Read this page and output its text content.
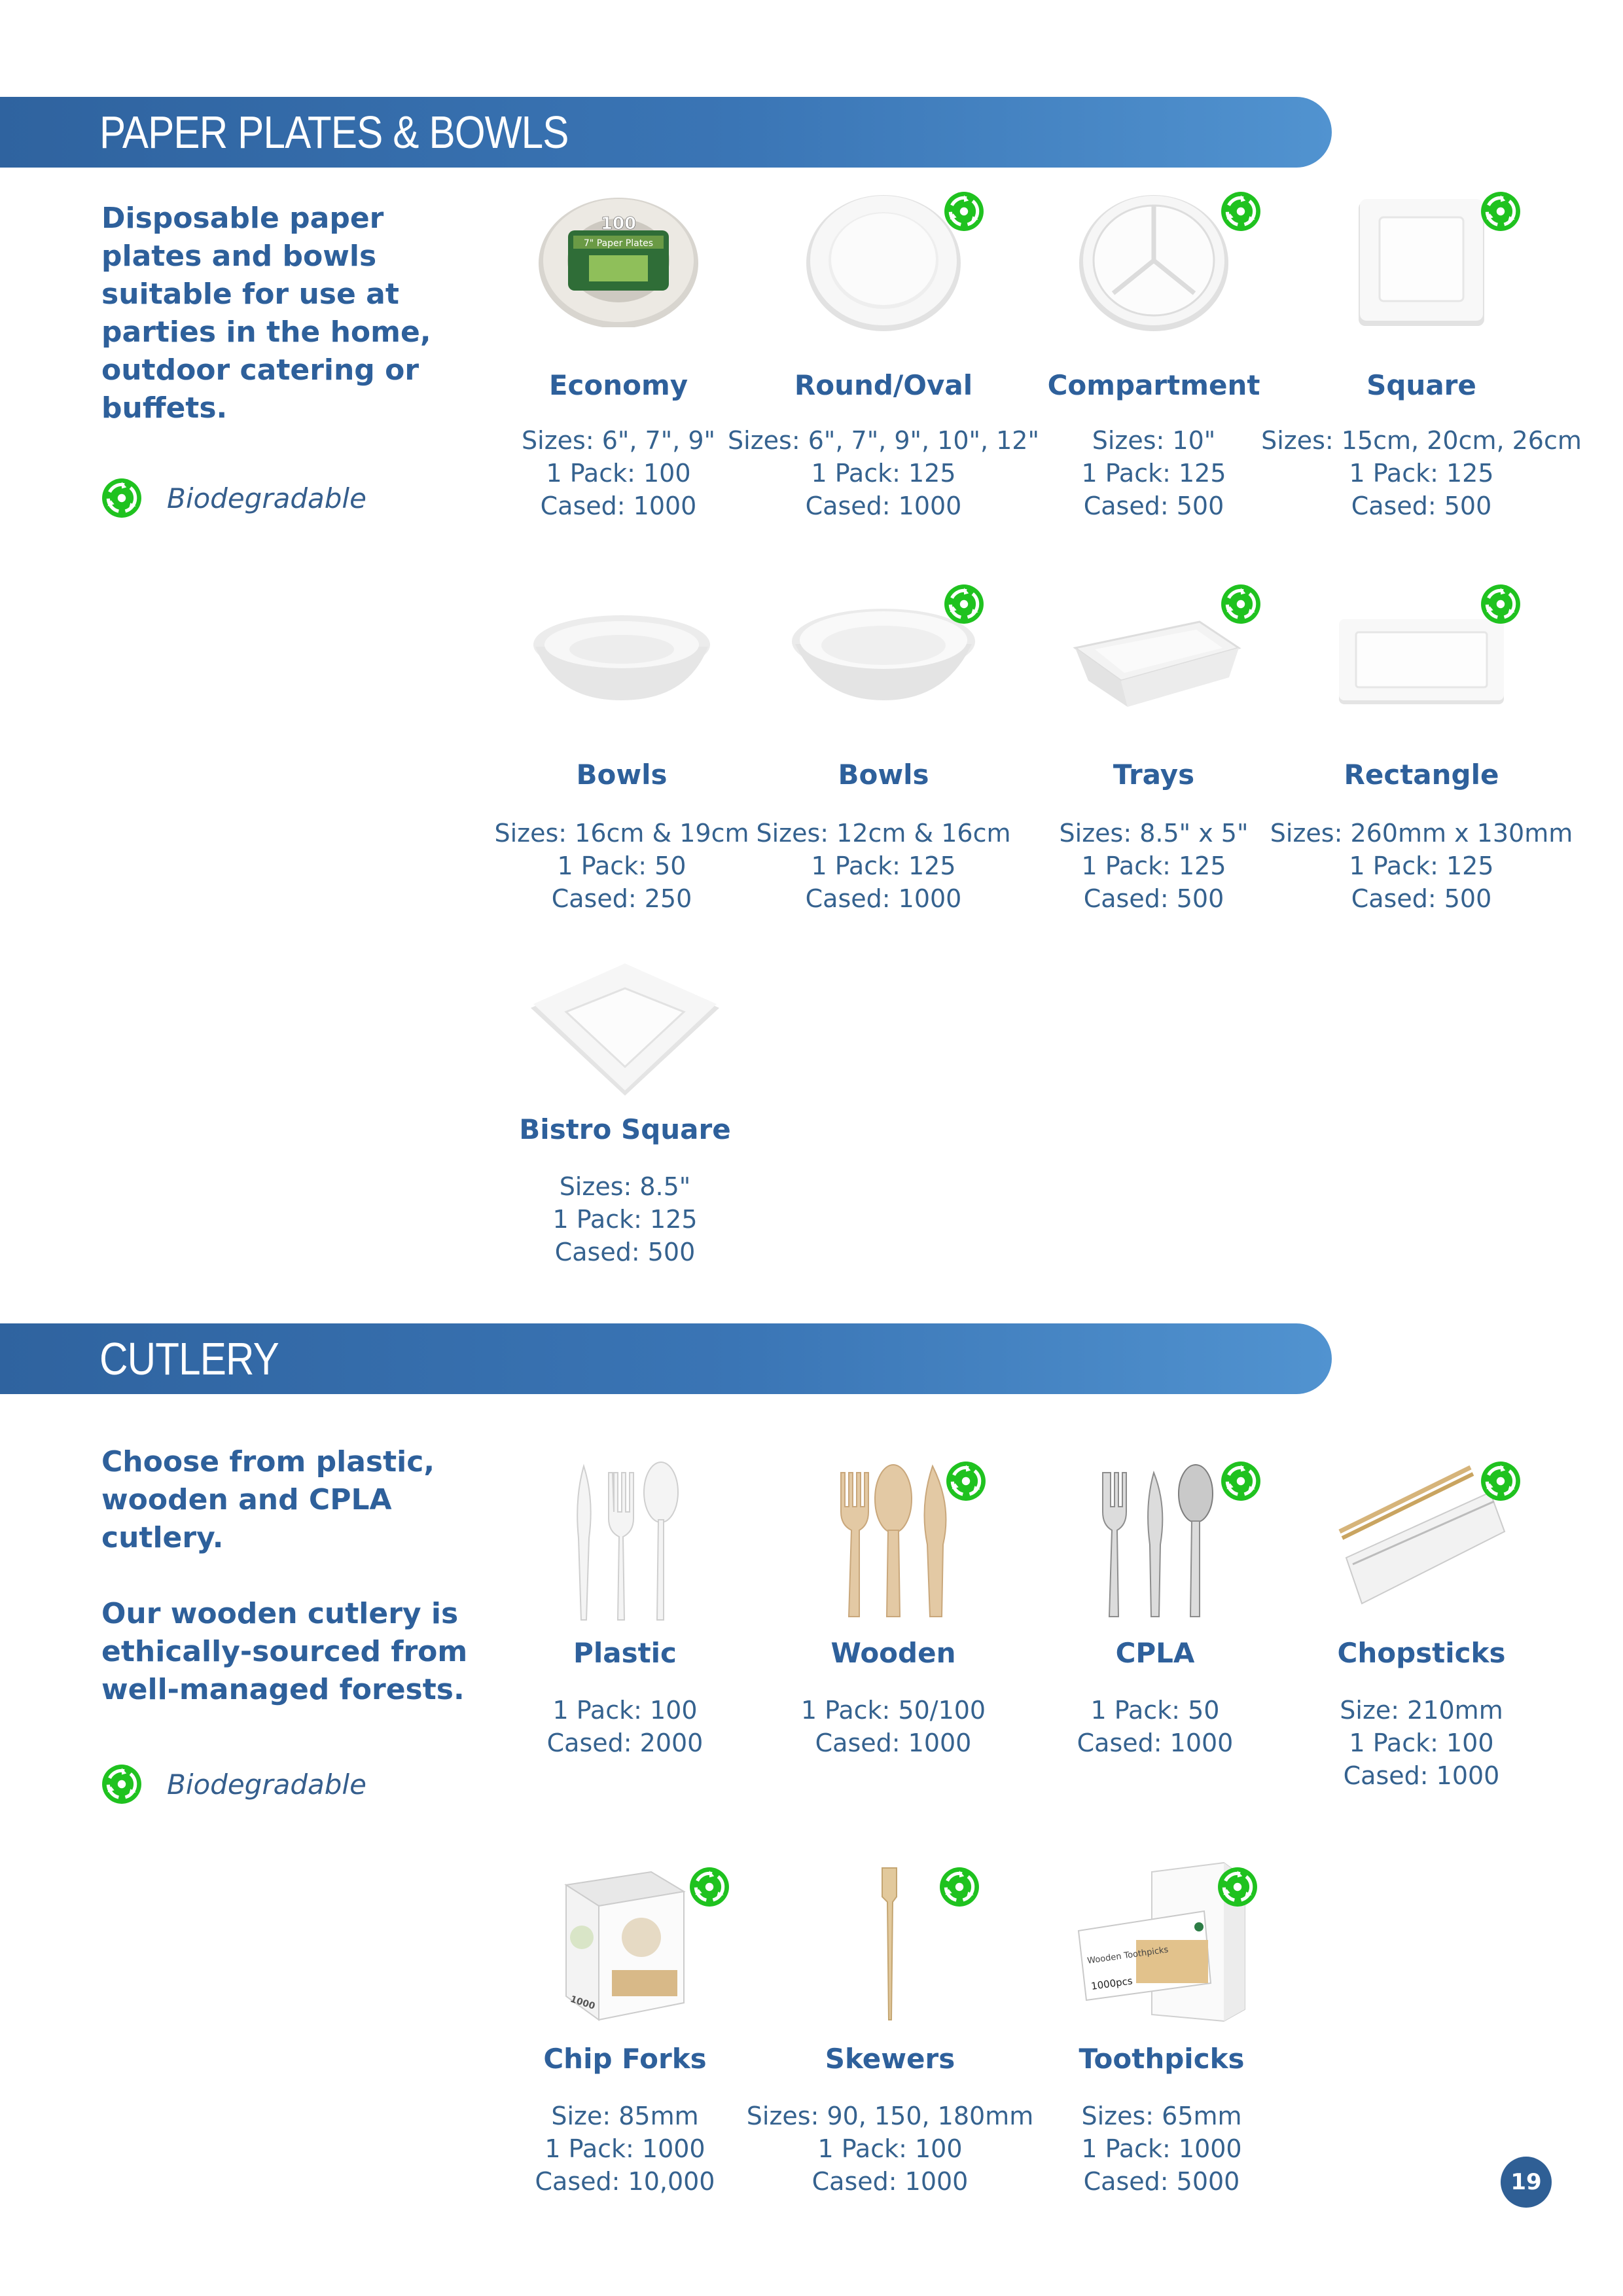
PAPER PLATES & BOWLS

Disposable paper plates and bowls suitable for use at parties in the home, outdoor catering or buffets.

Biodegradable
100
7" Paper Plates
Economy
Sizes: 6", 7", 9"
1 Pack: 100
Cased: 1000
Round/Oval
Sizes: 6", 7", 9", 10", 12"
1 Pack: 125
Cased: 1000
Compartment
Sizes: 10"
1 Pack: 125
Cased: 500
Square
Sizes: 15cm, 20cm, 26cm
1 Pack: 125
Cased: 500
Bowls
Sizes: 16cm & 19cm
1 Pack: 50
Cased: 250
Bowls
Sizes: 12cm & 16cm
1 Pack: 125
Cased: 1000
Trays
Sizes: 8.5" x 5"
1 Pack: 125
Cased: 500
Rectangle
Sizes: 260mm x 130mm
1 Pack: 125
Cased: 500
Bistro Square
Sizes: 8.5"
1 Pack: 125
Cased: 500
CUTLERY

Choose from plastic, wooden and CPLA cutlery.

Our wooden cutlery is ethically-sourced from well-managed forests.

Biodegradable
Plastic
1 Pack: 100
Cased: 2000
Wooden
1 Pack: 50/100
Cased: 1000
CPLA
1 Pack: 50
Cased: 1000
Chopsticks
Size: 210mm
1 Pack: 100
Cased: 1000
1000
Chip Forks
Size: 85mm
1 Pack: 1000
Cased: 10,000
Skewers
Sizes: 90, 150, 180mm
1 Pack: 100
Cased: 1000
Wooden Toothpicks
1000pcs
Toothpicks
Sizes: 65mm
1 Pack: 1000
Cased: 5000	19
